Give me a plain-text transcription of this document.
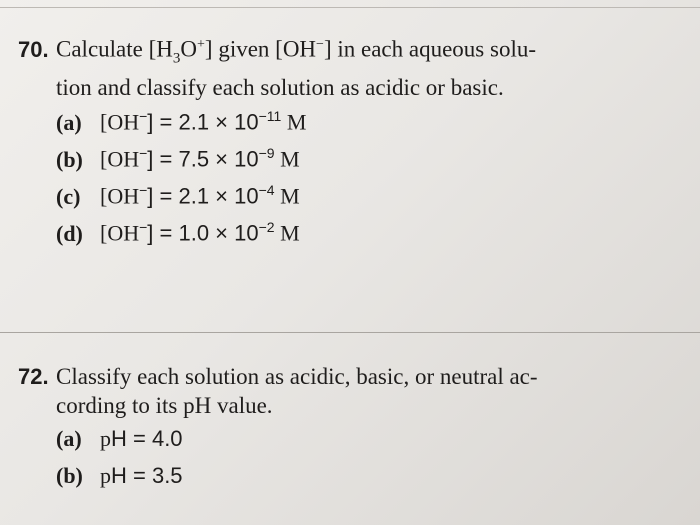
70. Calculate $[H_3O^+]$ given [OH−] in each aqueous solu-
tion and classify each solution as acidic or basic.
(a) $[OH^-] = 2.1 \times 10^{-11}$ M
(b) $[OH^-] = 7.5 \times 10^{-9}$ M
(c) $[OH^-] = 2.1 \times 10^{-4}$ M
(d) $[OH^-] = 1.0 \times 10^{-2}$ M
72. Classify each solution as acidic, basic, or neutral ac-
cording to its pH value.
(a) pH = 4.0
(b) pH = 3.5
